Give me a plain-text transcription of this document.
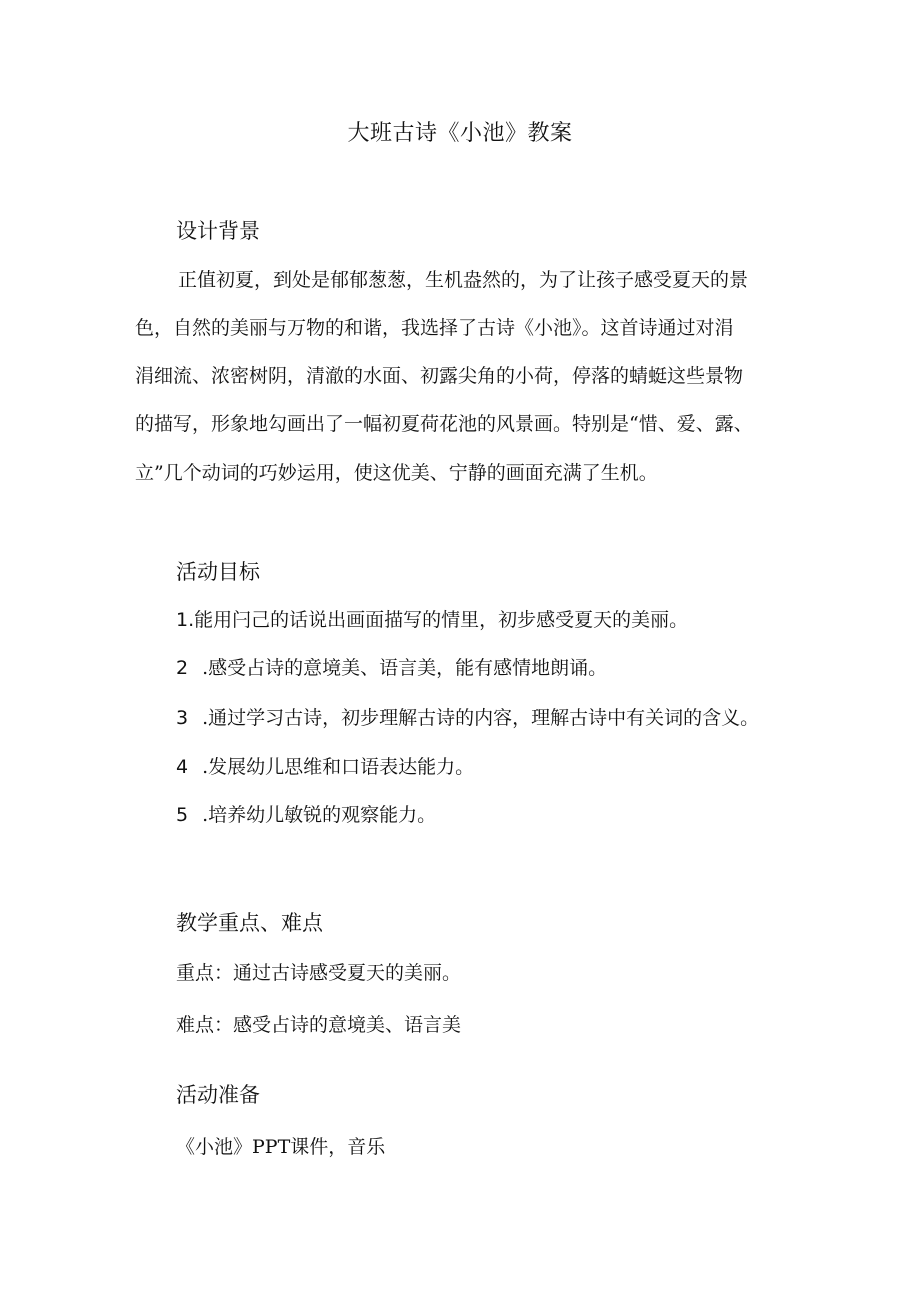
大班古诗《小池》教案
设计背景
正值初夏，到处是郁郁葱葱，生机盎然的，为了让孩子感受夏天的景
色，自然的美丽与万物的和谐，我选择了古诗《小池》。这首诗通过对涓
涓细流、浓密树阴，清澈的水面、初露尖角的小荷，停落的蜻蜓这些景物
的描写，形象地勾画出了一幅初夏荷花池的风景画。特别是“惜、爱、露、
立”几个动词的巧妙运用，使这优美、宁静的画面充满了生机。
活动目标
1.能用闩己的话说出画面描写的情里，初步感受夏天的美丽。
2 .感受占诗的意境美、语言美，能有感情地朗诵。
3 .通过学习古诗，初步理解古诗的内容，理解古诗中有关词的含义。
4 .发展幼儿思维和口语表达能力。
5 .培养幼儿敏锐的观察能力。
教学重点、难点
重点：通过古诗感受夏天的美丽。
难点：感受占诗的意境美、语言美
活动准备
《小池》PPT课件，音乐
